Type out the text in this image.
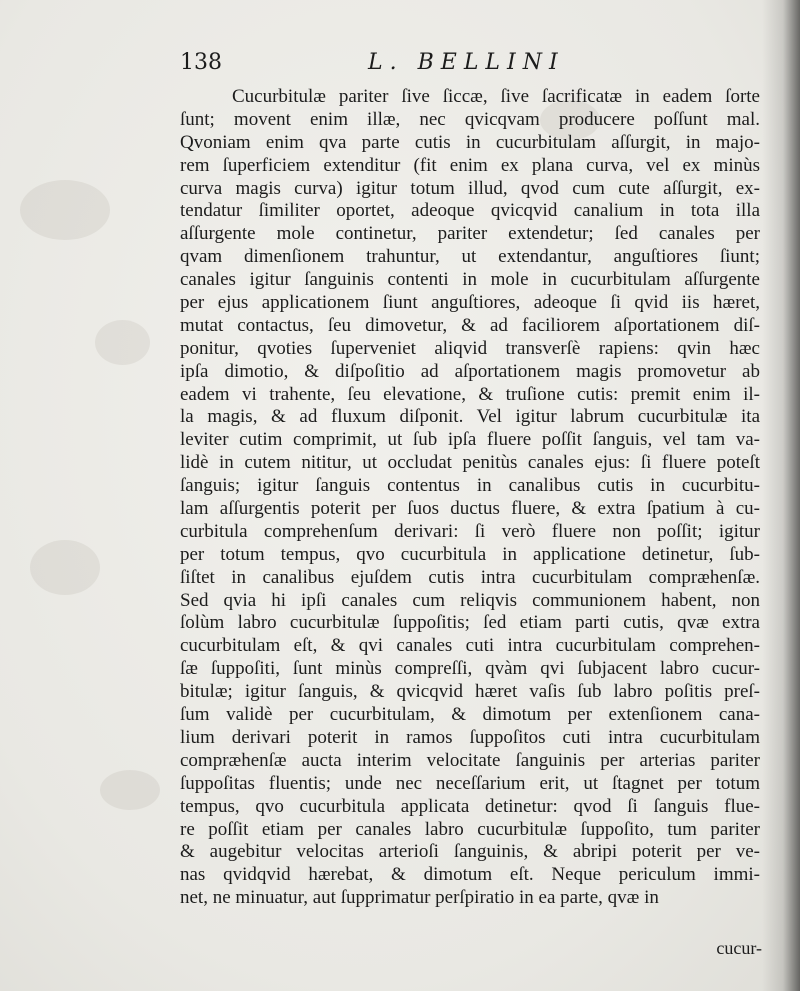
138	L. BELLINI
Cucurbitulæ pariter ſive ſiccæ, ſive ſacrificatæ in eadem ſorte
ſunt; movent enim illæ, nec qvicqvam producere poſſunt mal.
Qvoniam enim qva parte cutis in cucurbitulam aſſurgit, in majo-
rem ſuperficiem extenditur (fit enim ex plana curva, vel ex minùs
curva magis curva) igitur totum illud, qvod cum cute aſſurgit, ex-
tendatur ſimiliter oportet, adeoque qvicqvid canalium in tota illa
aſſurgente mole continetur, pariter extendetur; ſed canales per
qvam dimenſionem trahuntur, ut extendantur, anguſtiores ſiunt;
canales igitur ſanguinis contenti in mole in cucurbitulam aſſurgente
per ejus applicationem ſiunt anguſtiores, adeoque ſi qvid iis hæret,
mutat contactus, ſeu dimovetur, & ad faciliorem aſportationem diſ-
ponitur, qvoties ſuperveniet aliqvid transverſè rapiens: qvin hæc
ipſa dimotio, & diſpoſitio ad aſportationem magis promovetur ab
eadem vi trahente, ſeu elevatione, & truſione cutis: premit enim il-
la magis, & ad fluxum diſponit. Vel igitur labrum cucurbitulæ ita
leviter cutim comprimit, ut ſub ipſa fluere poſſit ſanguis, vel tam va-
lidè in cutem nititur, ut occludat penitùs canales ejus: ſi fluere poteſt
ſanguis; igitur ſanguis contentus in canalibus cutis in cucurbitu-
lam aſſurgentis poterit per ſuos ductus fluere, & extra ſpatium à cu-
curbitula comprehenſum derivari: ſi verò fluere non poſſit; igitur
per totum tempus, qvo cucurbitula in applicatione detinetur, ſub-
ſiſtet in canalibus ejuſdem cutis intra cucurbitulam compræhenſæ.
Sed qvia hi ipſi canales cum reliqvis communionem habent, non
ſolùm labro cucurbitulæ ſuppoſitis; ſed etiam parti cutis, qvæ extra
cucurbitulam eſt, & qvi canales cuti intra cucurbitulam comprehen-
ſæ ſuppoſiti, ſunt minùs compreſſi, qvàm qvi ſubjacent labro cucur-
bitulæ; igitur ſanguis, & qvicqvid hæret vaſis ſub labro poſitis preſ-
ſum validè per cucurbitulam, & dimotum per extenſionem cana-
lium derivari poterit in ramos ſuppoſitos cuti intra cucurbitulam
compræhenſæ aucta interim velocitate ſanguinis per arterias pariter
ſuppoſitas fluentis; unde nec neceſſarium erit, ut ſtagnet per totum
tempus, qvo cucurbitula applicata detinetur: qvod ſi ſanguis flue-
re poſſit etiam per canales labro cucurbitulæ ſuppoſito, tum pariter
& augebitur velocitas arterioſi ſanguinis, & abripi poterit per ve-
nas qvidqvid hærebat, & dimotum eſt. Neque periculum immi-
net, ne minuatur, aut ſupprimatur perſpiratio in ea parte, qvæ in
cucur-
